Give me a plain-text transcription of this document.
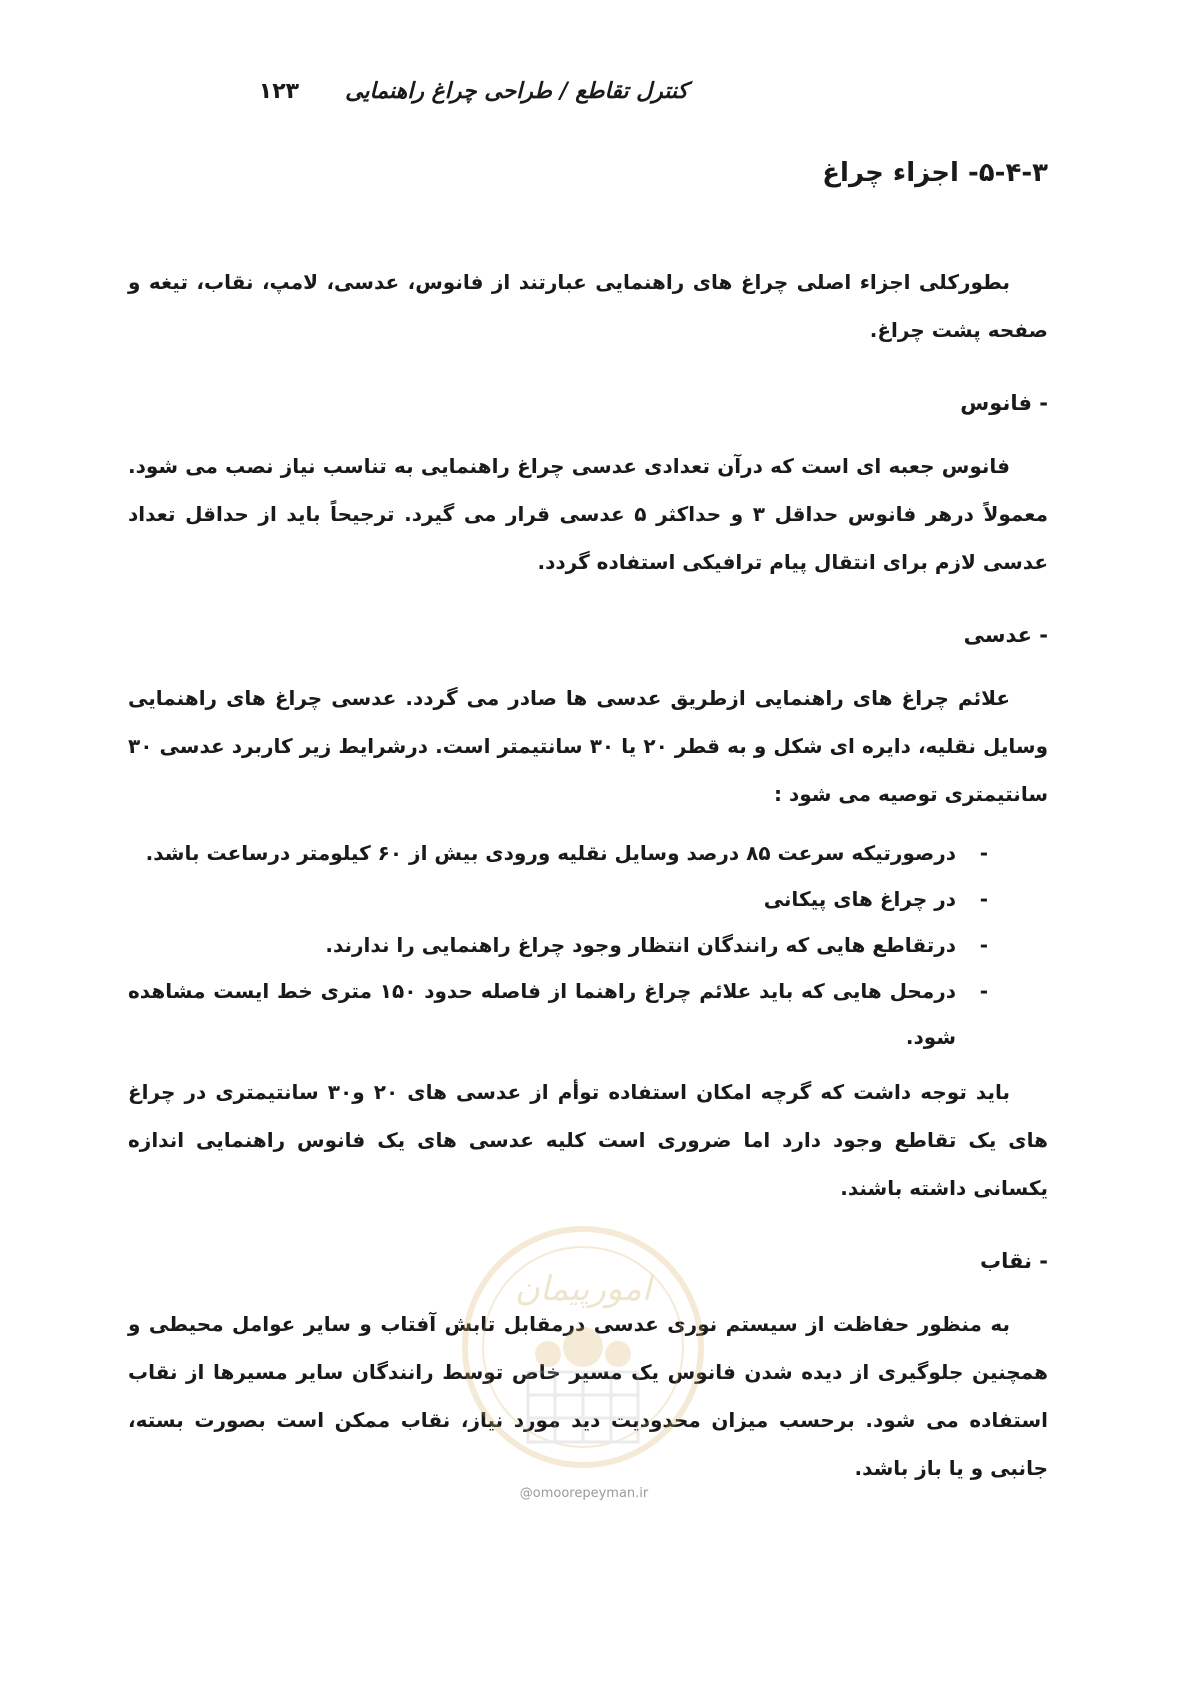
کنترل تقاطع / طراحی چراغ راهنمایی
۱۲۳
۵-۴-۳- اجزاء چراغ

بطورکلی اجزاء اصلی چراغ های راهنمایی عبارتند از فانوس، عدسی، لامپ، نقاب، تیغه و صفحه پشت چراغ.

- فانوس

فانوس جعبه ای است که درآن تعدادی عدسی چراغ راهنمایی به تناسب نیاز نصب می شود. معمولاً درهر فانوس حداقل ۳ و حداکثر ۵ عدسی قرار می گیرد. ترجیحاً باید از حداقل تعداد عدسی لازم برای انتقال پیام ترافیکی استفاده گردد.

- عدسی

علائم چراغ های راهنمایی ازطریق عدسی ها صادر می گردد. عدسی چراغ های راهنمایی وسایل نقلیه، دایره ای شکل و به قطر ۲۰ یا ۳۰ سانتیمتر است. درشرایط زیر کاربرد عدسی ۳۰ سانتیمتری توصیه می شود :

-
درصورتیکه سرعت ۸۵ درصد وسایل نقلیه ورودی بیش از ۶۰ کیلومتر درساعت باشد.
-
در چراغ های پیکانی
-
درتقاطع هایی که رانندگان انتظار وجود چراغ راهنمایی را ندارند.
-
درمحل هایی که باید علائم چراغ راهنما از فاصله حدود ۱۵۰ متری خط ایست مشاهده شود.

باید توجه داشت که گرچه امکان استفاده توأم از عدسی های ۲۰ و۳۰ سانتیمتری در چراغ های یک تقاطع وجود دارد اما ضروری است کلیه عدسی های یک فانوس راهنمایی اندازه یکسانی داشته باشند.

- نقاب

به منظور حفاظت از سیستم نوری عدسی درمقابل تابش آفتاب و سایر عوامل محیطی و همچنین جلوگیری از دیده شدن فانوس یک مسیر خاص توسط رانندگان سایر مسیرها از نقاب استفاده می شود. برحسب میزان محدودیت دید مورد نیاز، نقاب ممکن است بصورت بسته، جانبی و یا باز باشد.

امورپیمان
@omoorepeyman.ir
